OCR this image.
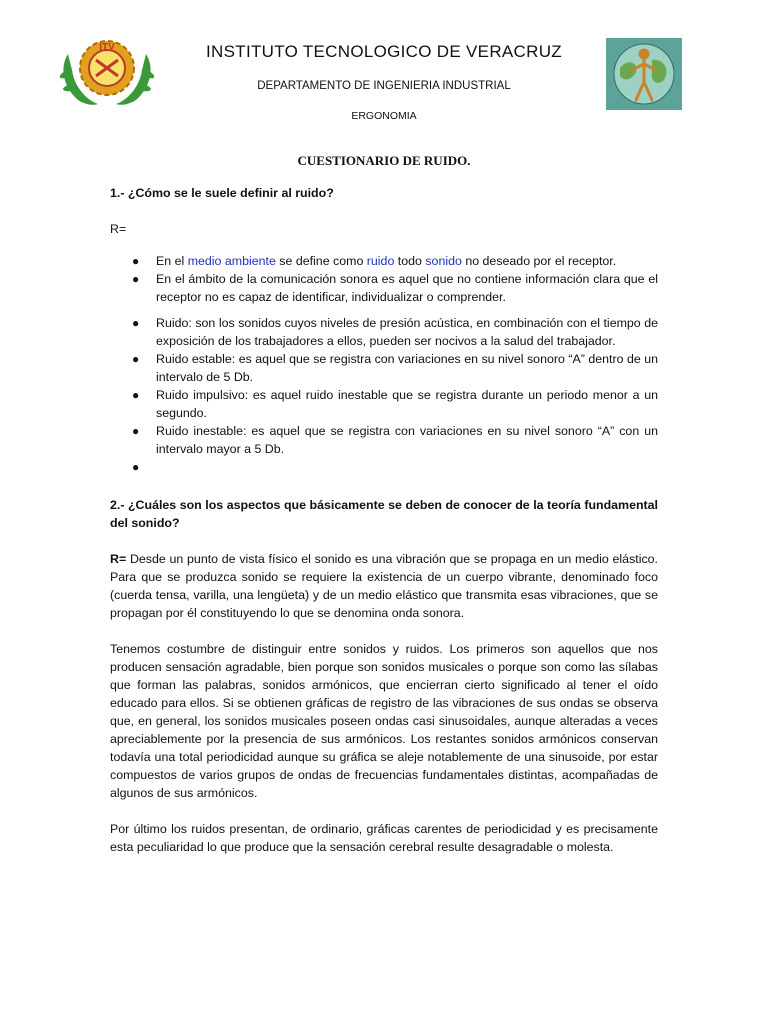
ITV	INSTITUTO TECNOLOGICO DE VERACRUZ
DEPARTAMENTO DE INGENIERIA INDUSTRIAL
ERGONOMIA
CUESTIONARIO DE RUIDO.

1.- ¿Cómo se le suele definir al ruido?

R=

● En el medio ambiente se define como ruido todo sonido no deseado por el receptor.
● En el ámbito de la comunicación sonora es aquel que no contiene información clara que el receptor no es capaz de identificar, individualizar o comprender.
● Ruido: son los sonidos cuyos niveles de presión acústica, en combinación con el tiempo de exposición de los trabajadores a ellos, pueden ser nocivos a la salud del trabajador.
● Ruido estable: es aquel que se registra con variaciones en su nivel sonoro “A” dentro de un intervalo de 5 Db.
● Ruido impulsivo: es aquel ruido inestable que se registra durante un periodo menor a un segundo.
● Ruido inestable: es aquel que se registra con variaciones en su nivel sonoro “A” con un intervalo mayor a 5 Db.
●

2.- ¿Cuáles son los aspectos que básicamente se deben de conocer de la teoría fundamental del sonido?

R= Desde un punto de vista físico el sonido es una vibración que se propaga en un medio elástico. Para que se produzca sonido se requiere la existencia de un cuerpo vibrante, denominado foco (cuerda tensa, varilla, una lengüeta) y de un medio elástico que transmita esas vibraciones, que se propagan por él constituyendo lo que se denomina onda sonora.

Tenemos costumbre de distinguir entre sonidos y ruidos. Los primeros son aquellos que nos producen sensación agradable, bien porque son sonidos musicales o porque son como las sílabas que forman las palabras, sonidos armónicos, que encierran cierto significado al tener el oído educado para ellos. Si se obtienen gráficas de registro de las vibraciones de sus ondas se observa que, en general, los sonidos musicales poseen ondas casi sinusoidales, aunque alteradas a veces apreciablemente por la presencia de sus armónicos. Los restantes sonidos armónicos conservan todavía una total periodicidad aunque su gráfica se aleje notablemente de una sinusoide, por estar compuestos de varios grupos de ondas de frecuencias fundamentales distintas, acompañadas de algunos de sus armónicos.

Por último los ruidos presentan, de ordinario, gráficas carentes de periodicidad y es precisamente esta peculiaridad lo que produce que la sensación cerebral resulte desagradable o molesta.
